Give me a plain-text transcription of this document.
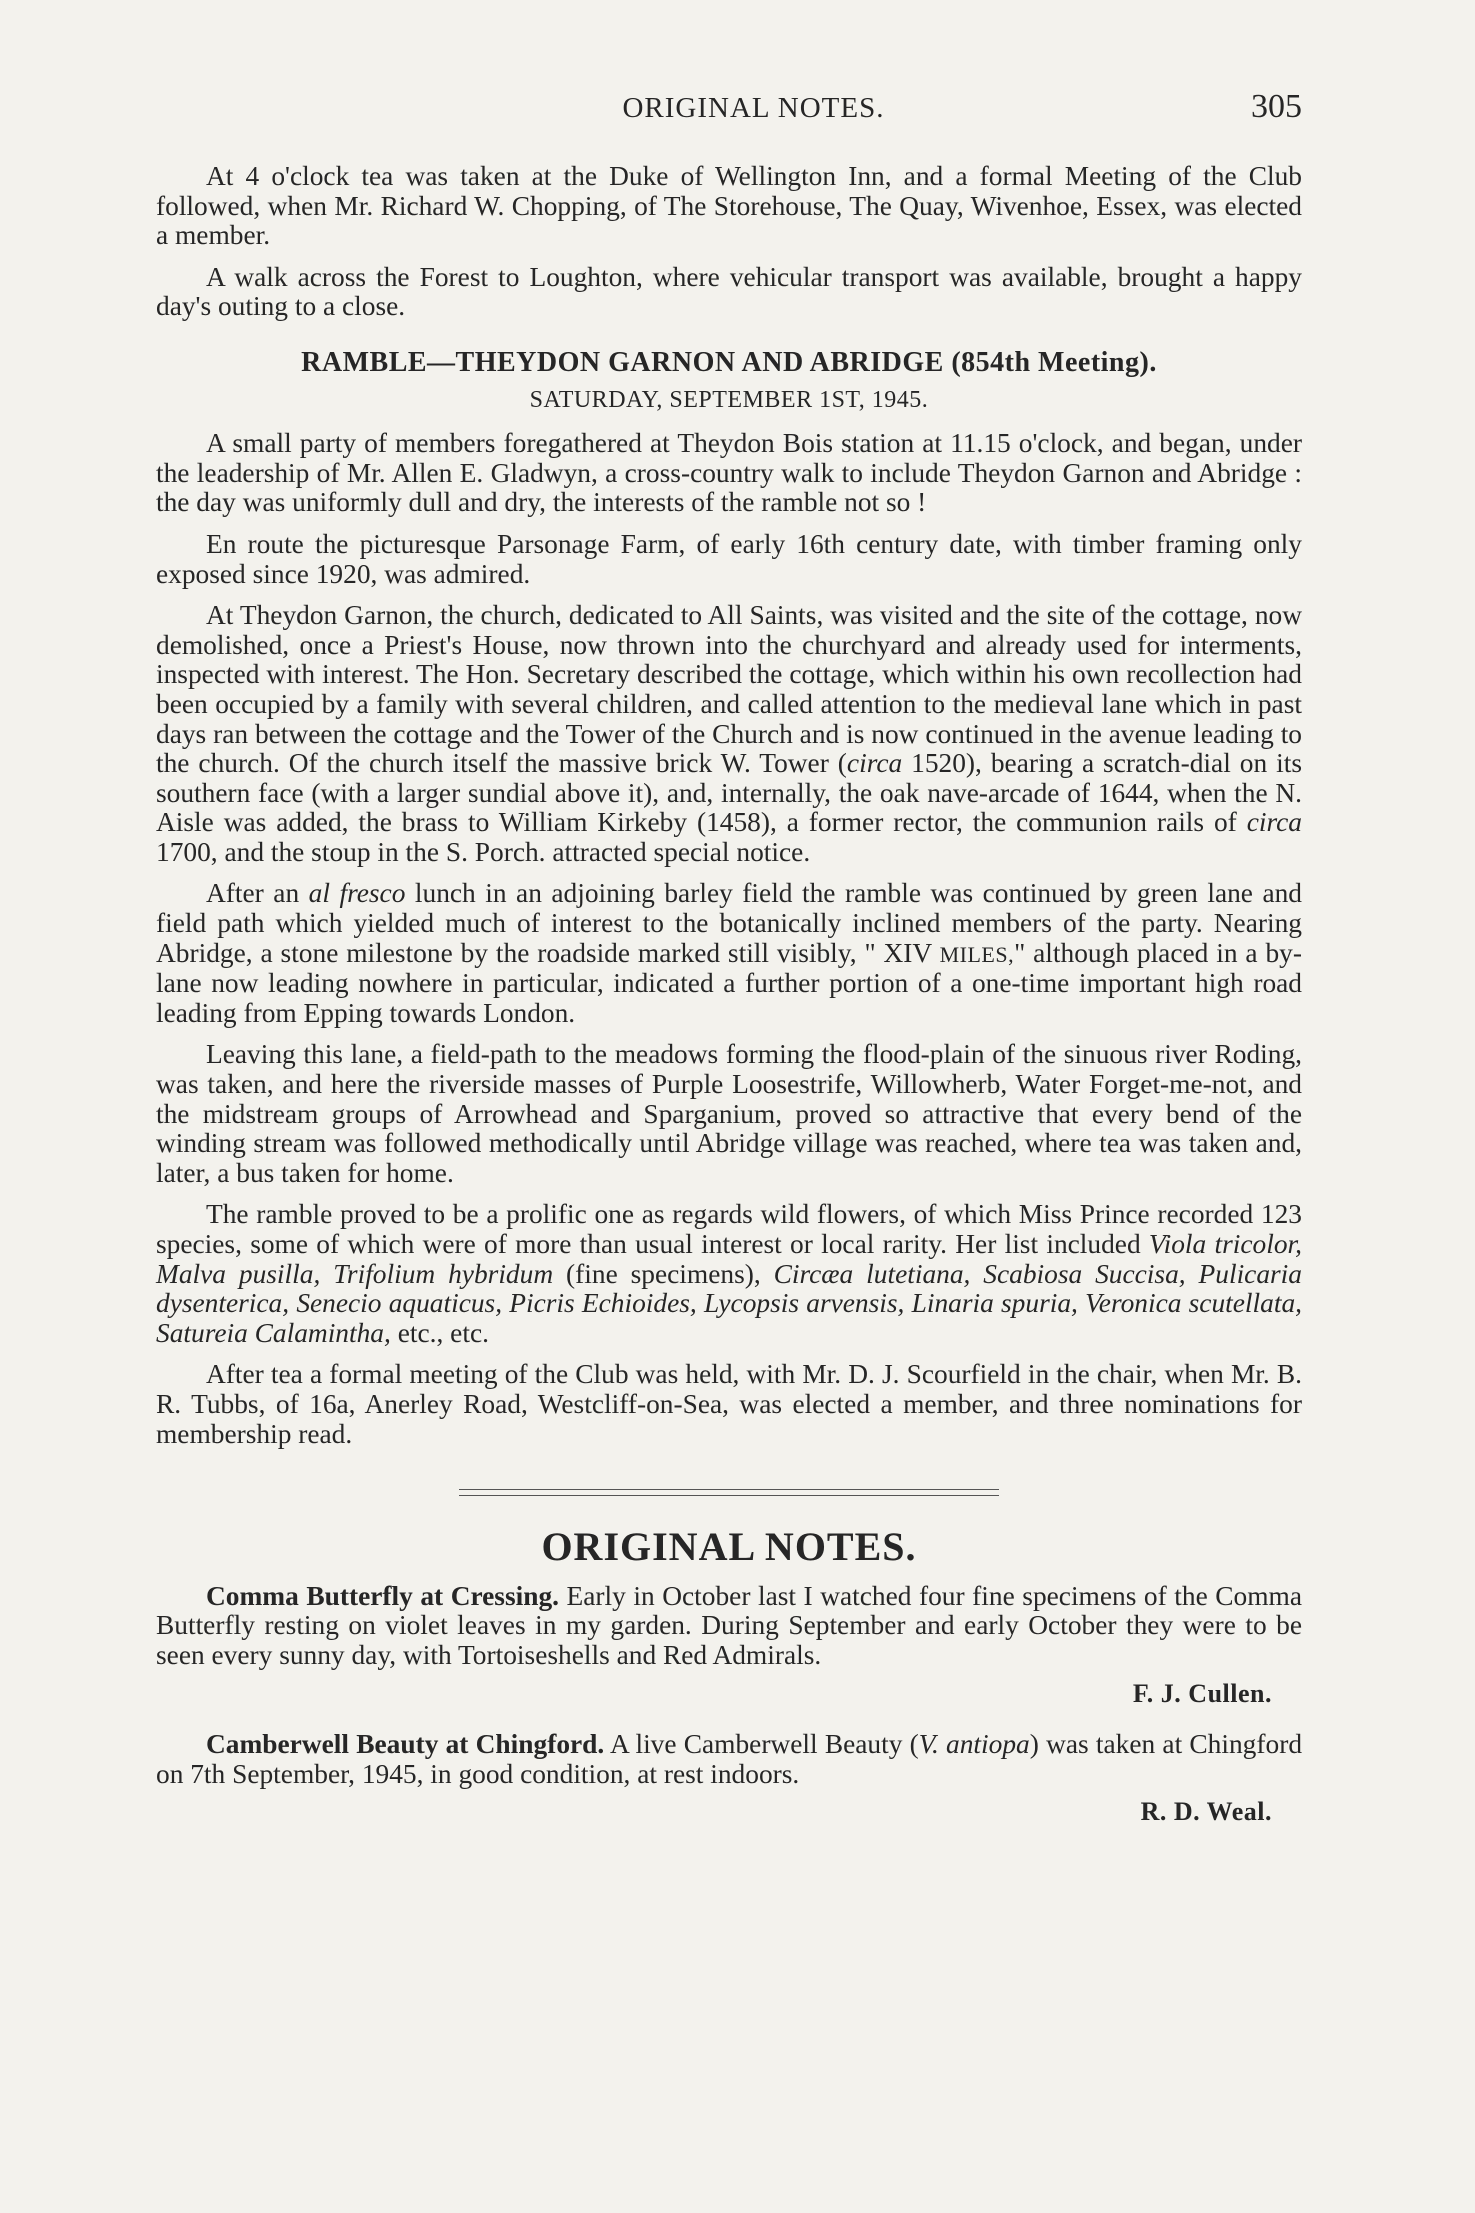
ORIGINAL NOTES.	305

At 4 o'clock tea was taken at the Duke of Wellington Inn, and a formal Meeting of the Club followed, when Mr. Richard W. Chopping, of The Storehouse, The Quay, Wivenhoe, Essex, was elected a member.

A walk across the Forest to Loughton, where vehicular transport was available, brought a happy day's outing to a close.

RAMBLE—THEYDON GARNON AND ABRIDGE (854th Meeting).
SATURDAY, SEPTEMBER 1ST, 1945.

A small party of members foregathered at Theydon Bois station at 11.15 o'clock, and began, under the leadership of Mr. Allen E. Gladwyn, a cross-country walk to include Theydon Garnon and Abridge : the day was uniformly dull and dry, the interests of the ramble not so !

En route the picturesque Parsonage Farm, of early 16th century date, with timber framing only exposed since 1920, was admired.

At Theydon Garnon, the church, dedicated to All Saints, was visited and the site of the cottage, now demolished, once a Priest's House, now thrown into the churchyard and already used for interments, inspected with interest. The Hon. Secretary described the cottage, which within his own recollection had been occupied by a family with several children, and called attention to the medieval lane which in past days ran between the cottage and the Tower of the Church and is now continued in the avenue leading to the church. Of the church itself the massive brick W. Tower (circa 1520), bearing a scratch-dial on its southern face (with a larger sundial above it), and, internally, the oak nave-arcade of 1644, when the N. Aisle was added, the brass to William Kirkeby (1458), a former rector, the communion rails of circa 1700, and the stoup in the S. Porch. attracted special notice.

After an al fresco lunch in an adjoining barley field the ramble was continued by green lane and field path which yielded much of interest to the botanically inclined members of the party. Nearing Abridge, a stone milestone by the roadside marked still visibly, " XIV MILES," although placed in a by-lane now leading nowhere in particular, indicated a further portion of a one-time important high road leading from Epping towards London.

Leaving this lane, a field-path to the meadows forming the flood-plain of the sinuous river Roding, was taken, and here the riverside masses of Purple Loosestrife, Willowherb, Water Forget-me-not, and the midstream groups of Arrowhead and Sparganium, proved so attractive that every bend of the winding stream was followed methodically until Abridge village was reached, where tea was taken and, later, a bus taken for home.

The ramble proved to be a prolific one as regards wild flowers, of which Miss Prince recorded 123 species, some of which were of more than usual interest or local rarity. Her list included Viola tricolor, Malva pusilla, Trifolium hybridum (fine specimens), Circæa lutetiana, Scabiosa Succisa, Pulicaria dysenterica, Senecio aquaticus, Picris Echioides, Lycopsis arvensis, Linaria spuria, Veronica scutellata, Satureia Calamintha, etc., etc.

After tea a formal meeting of the Club was held, with Mr. D. J. Scourfield in the chair, when Mr. B. R. Tubbs, of 16a, Anerley Road, Westcliff-on-Sea, was elected a member, and three nominations for membership read.

ORIGINAL NOTES.

Comma Butterfly at Cressing. Early in October last I watched four fine specimens of the Comma Butterfly resting on violet leaves in my garden. During September and early October they were to be seen every sunny day, with Tortoiseshells and Red Admirals.

F. J. Cullen.

Camberwell Beauty at Chingford. A live Camberwell Beauty (V. antiopa) was taken at Chingford on 7th September, 1945, in good condition, at rest indoors.

R. D. Weal.
